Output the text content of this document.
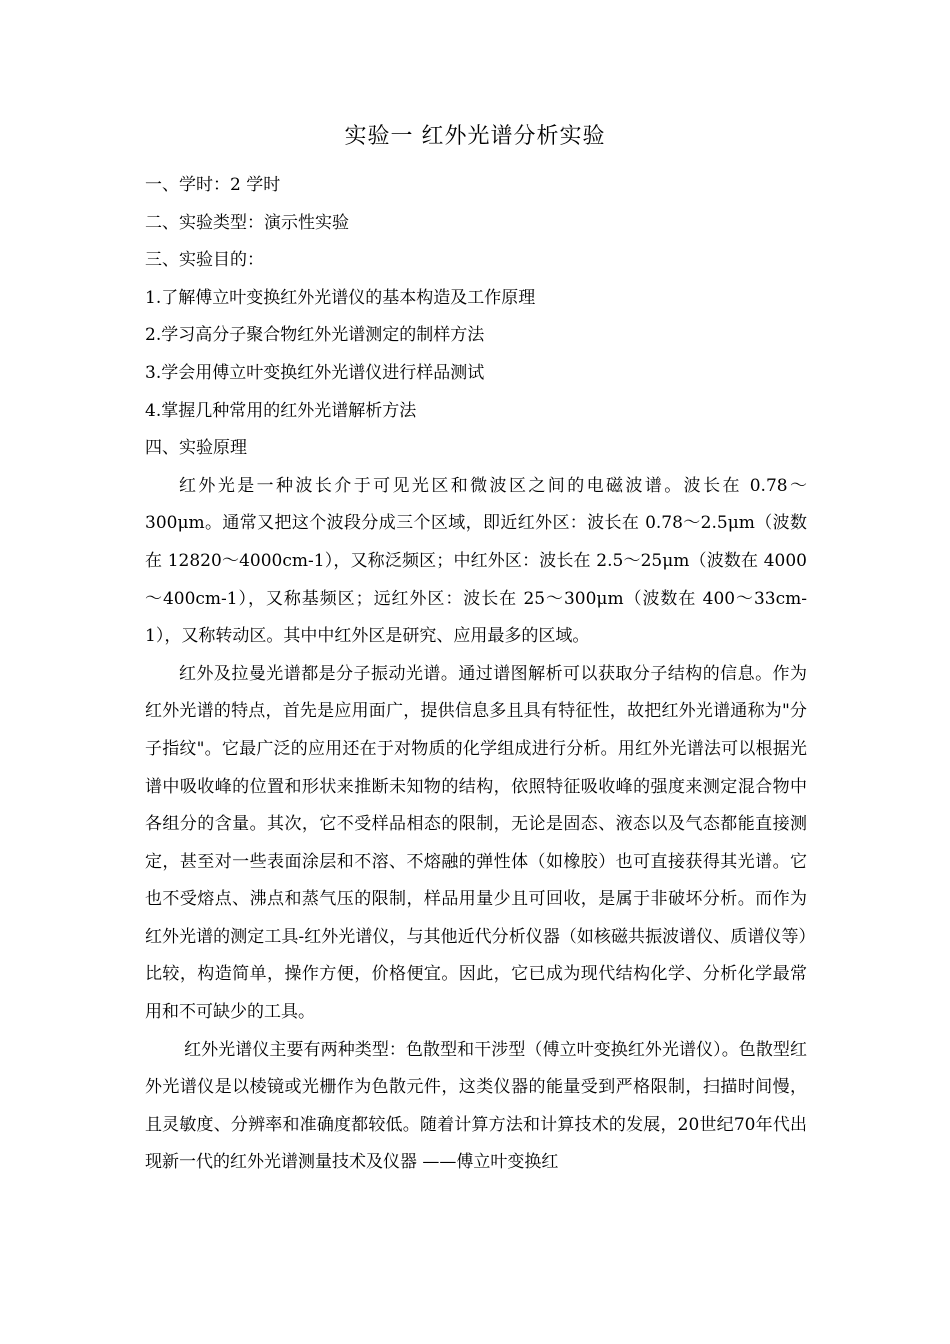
实验一 红外光谱分析实验

一、学时：2 学时

二、实验类型：演示性实验

三、实验目的：

1.了解傅立叶变换红外光谱仪的基本构造及工作原理

2.学习高分子聚合物红外光谱测定的制样方法

3.学会用傅立叶变换红外光谱仪进行样品测试

4.掌握几种常用的红外光谱解析方法

四、实验原理

红外光是一种波长介于可见光区和微波区之间的电磁波谱。波长在 0.78～300μm。通常又把这个波段分成三个区域，即近红外区：波长在 0.78～2.5μm（波数在 12820～4000cm-1），又称泛频区；中红外区：波长在 2.5～25μm（波数在 4000～400cm-1），又称基频区；远红外区：波长在 25～300μm（波数在 400～33cm-1），又称转动区。其中中红外区是研究、应用最多的区域。

红外及拉曼光谱都是分子振动光谱。通过谱图解析可以获取分子结构的信息。作为红外光谱的特点，首先是应用面广，提供信息多且具有特征性，故把红外光谱通称为"分子指纹"。它最广泛的应用还在于对物质的化学组成进行分析。用红外光谱法可以根据光谱中吸收峰的位置和形状来推断未知物的结构，依照特征吸收峰的强度来测定混合物中各组分的含量。其次，它不受样品相态的限制，无论是固态、液态以及气态都能直接测定，甚至对一些表面涂层和不溶、不熔融的弹性体（如橡胶）也可直接获得其光谱。它也不受熔点、沸点和蒸气压的限制，样品用量少且可回收，是属于非破坏分析。而作为红外光谱的测定工具-红外光谱仪，与其他近代分析仪器（如核磁共振波谱仪、质谱仪等）比较，构造简单，操作方便，价格便宜。因此，它已成为现代结构化学、分析化学最常用和不可缺少的工具。

红外光谱仪主要有两种类型：色散型和干涉型（傅立叶变换红外光谱仪）。色散型红外光谱仪是以棱镜或光栅作为色散元件，这类仪器的能量受到严格限制，扫描时间慢，且灵敏度、分辨率和准确度都较低。随着计算方法和计算技术的发展，20世纪70年代出现新一代的红外光谱测量技术及仪器 ——傅立叶变换红
